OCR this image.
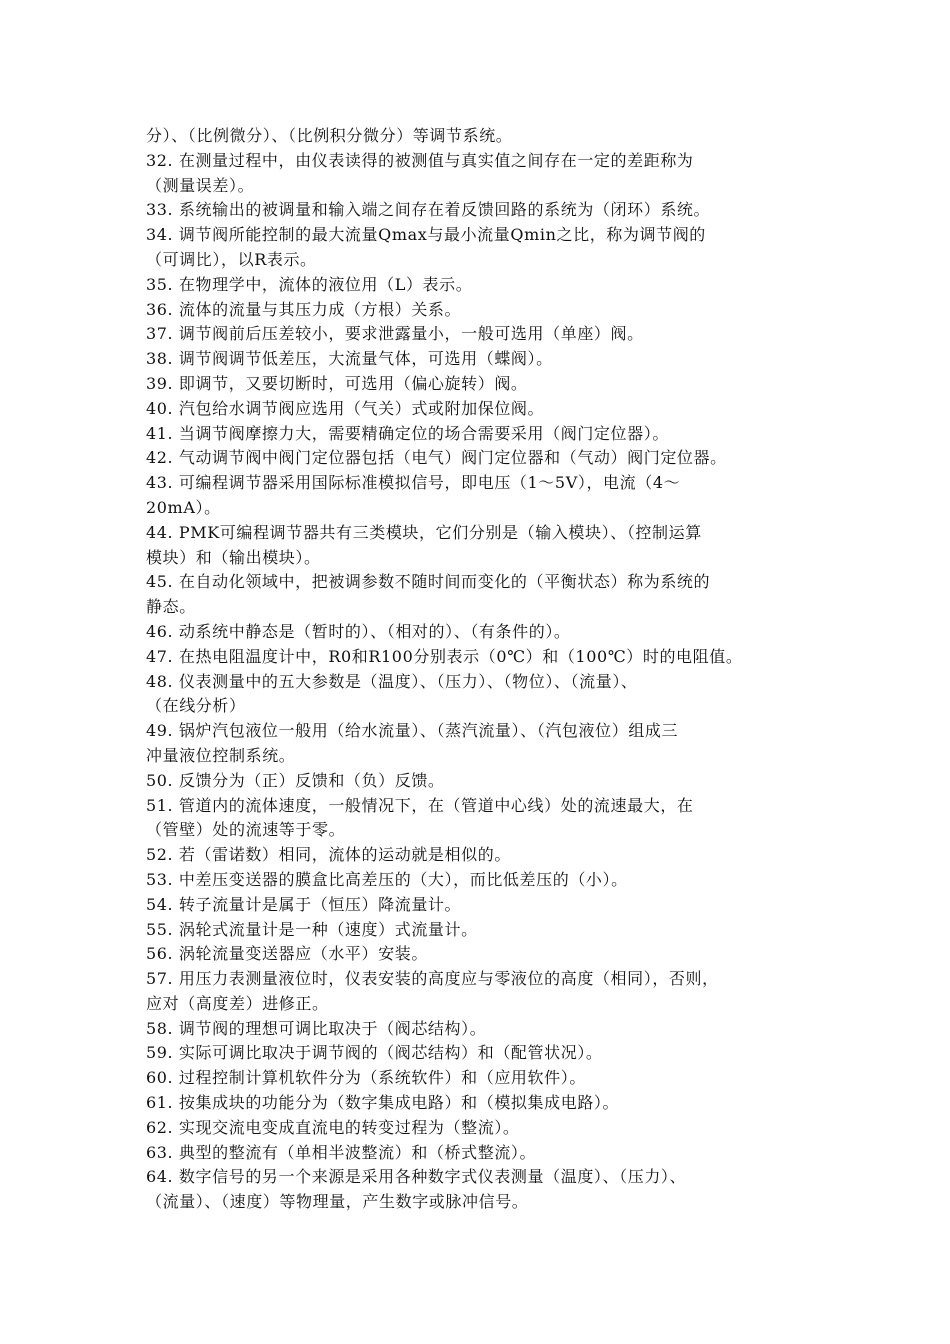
分）、（比例微分）、（比例积分微分）等调节系统。
32. 在测量过程中，由仪表读得的被测值与真实值之间存在一定的差距称为
（测量误差）。
33. 系统输出的被调量和输入端之间存在着反馈回路的系统为（闭环）系统。
34. 调节阀所能控制的最大流量Qmax与最小流量Qmin之比，称为调节阀的
（可调比），以R表示。
35. 在物理学中，流体的液位用（L）表示。
36. 流体的流量与其压力成（方根）关系。
37. 调节阀前后压差较小，要求泄露量小，一般可选用（单座）阀。
38. 调节阀调节低差压，大流量气体，可选用（蝶阀）。
39. 即调节，又要切断时，可选用（偏心旋转）阀。
40. 汽包给水调节阀应选用（气关）式或附加保位阀。
41. 当调节阀摩擦力大，需要精确定位的场合需要采用（阀门定位器）。
42. 气动调节阀中阀门定位器包括（电气）阀门定位器和（气动）阀门定位器。
43. 可编程调节器采用国际标准模拟信号，即电压（1～5V），电流（4～
20mA）。
44. PMK可编程调节器共有三类模块，它们分别是（输入模块）、（控制运算
模块）和（输出模块）。
45. 在自动化领域中，把被调参数不随时间而变化的（平衡状态）称为系统的
静态。
46. 动系统中静态是（暂时的）、（相对的）、（有条件的）。
47. 在热电阻温度计中，R0和R100分别表示（0℃）和（100℃）时的电阻值。
48. 仪表测量中的五大参数是（温度）、（压力）、（物位）、（流量）、
（在线分析）
49. 锅炉汽包液位一般用（给水流量）、（蒸汽流量）、（汽包液位）组成三
冲量液位控制系统。
50. 反馈分为（正）反馈和（负）反馈。
51. 管道内的流体速度，一般情况下，在（管道中心线）处的流速最大，在
（管壁）处的流速等于零。
52. 若（雷诺数）相同，流体的运动就是相似的。
53. 中差压变送器的膜盒比高差压的（大），而比低差压的（小）。
54. 转子流量计是属于（恒压）降流量计。
55. 涡轮式流量计是一种（速度）式流量计。
56. 涡轮流量变送器应（水平）安装。
57. 用压力表测量液位时，仪表安装的高度应与零液位的高度（相同），否则，
应对（高度差）进修正。
58. 调节阀的理想可调比取决于（阀芯结构）。
59. 实际可调比取决于调节阀的（阀芯结构）和（配管状况）。
60. 过程控制计算机软件分为（系统软件）和（应用软件）。
61. 按集成块的功能分为（数字集成电路）和（模拟集成电路）。
62. 实现交流电变成直流电的转变过程为（整流）。
63. 典型的整流有（单相半波整流）和（桥式整流）。
64. 数字信号的另一个来源是采用各种数字式仪表测量（温度）、（压力）、
（流量）、（速度）等物理量，产生数字或脉冲信号。
